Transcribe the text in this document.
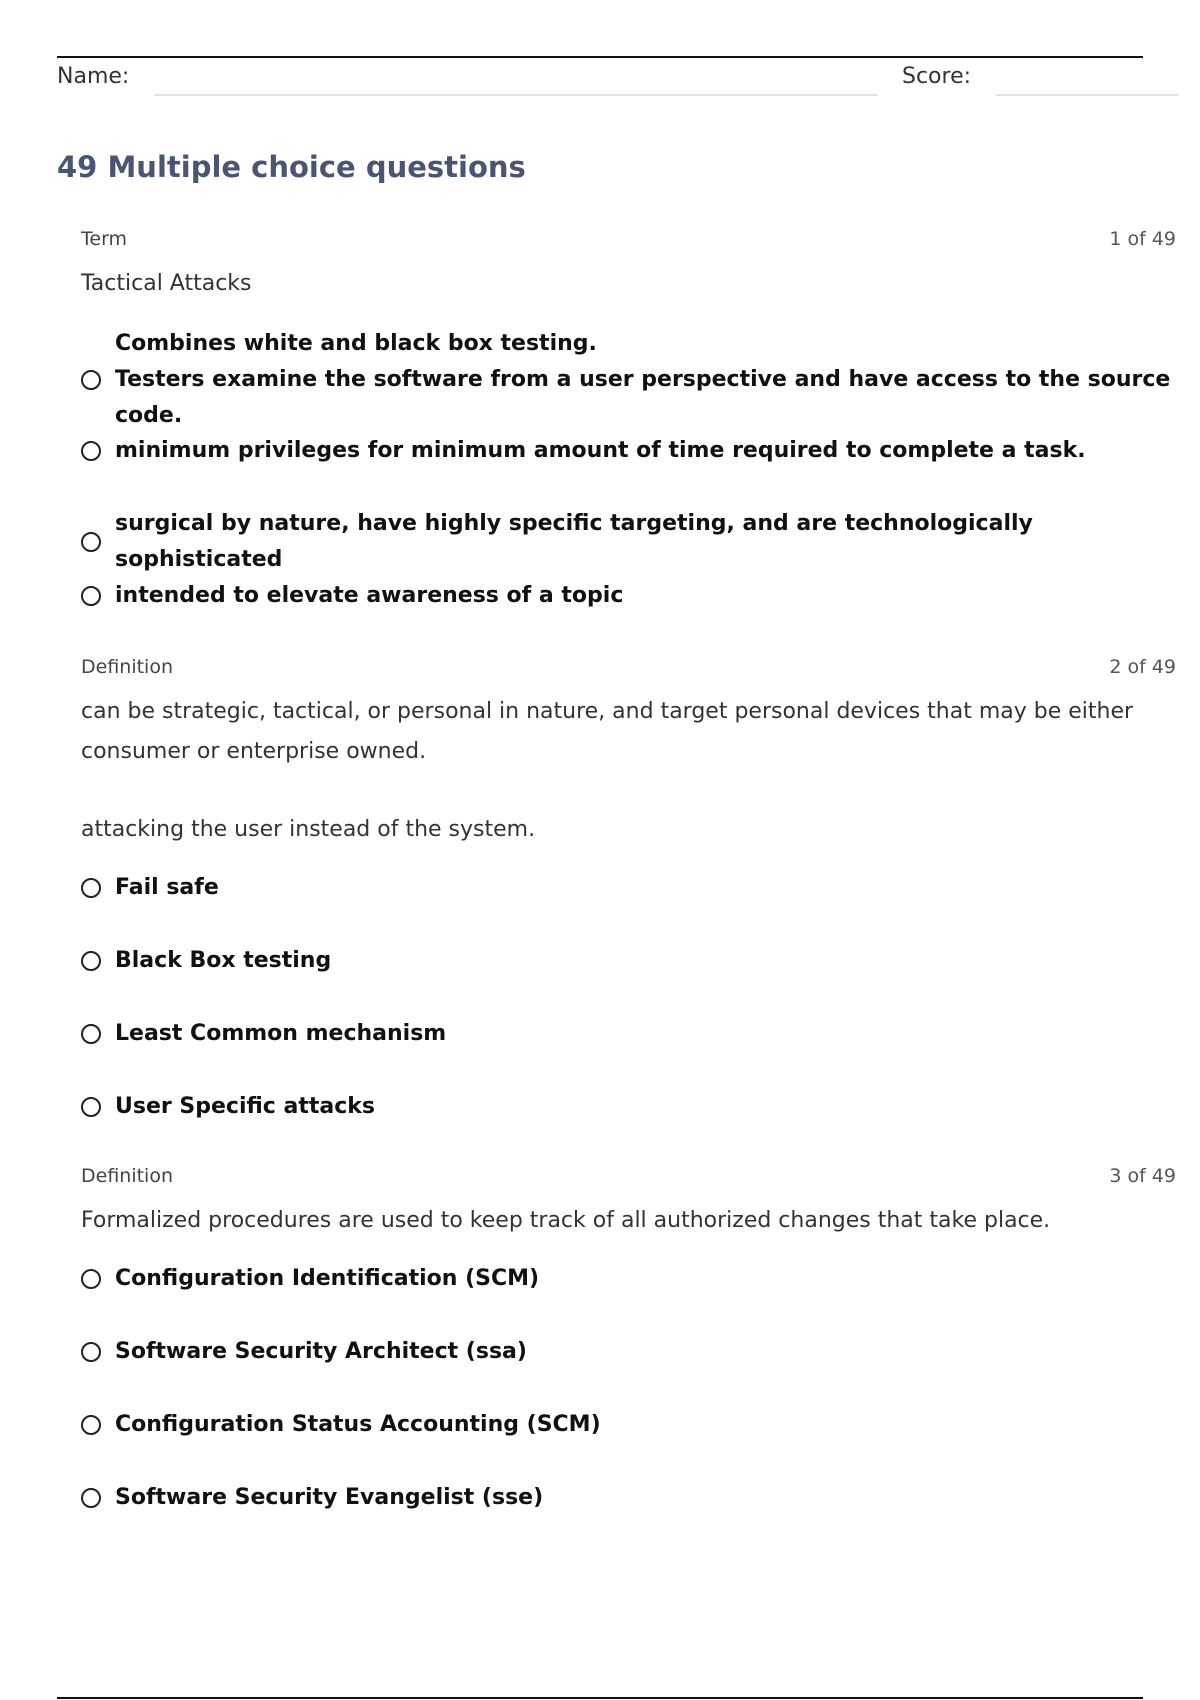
Name:	Score:
49 Multiple choice questions
Term	1 of 49

Tactical Attacks

Combines white and black box testing.
Testers examine the software from a user perspective and have access to the source code.
minimum privileges for minimum amount of time required to complete a task.
surgical by nature, have highly specific targeting, and are technologically sophisticated
intended to elevate awareness of a topic
Definition	2 of 49

can be strategic, tactical, or personal in nature, and target personal devices that may be either consumer or enterprise owned.

attacking the user instead of the system.

Fail safe
Black Box testing
Least Common mechanism
User Specific attacks
Definition	3 of 49

Formalized procedures are used to keep track of all authorized changes that take place.

Configuration Identification (SCM)
Software Security Architect (ssa)
Configuration Status Accounting (SCM)
Software Security Evangelist (sse)
